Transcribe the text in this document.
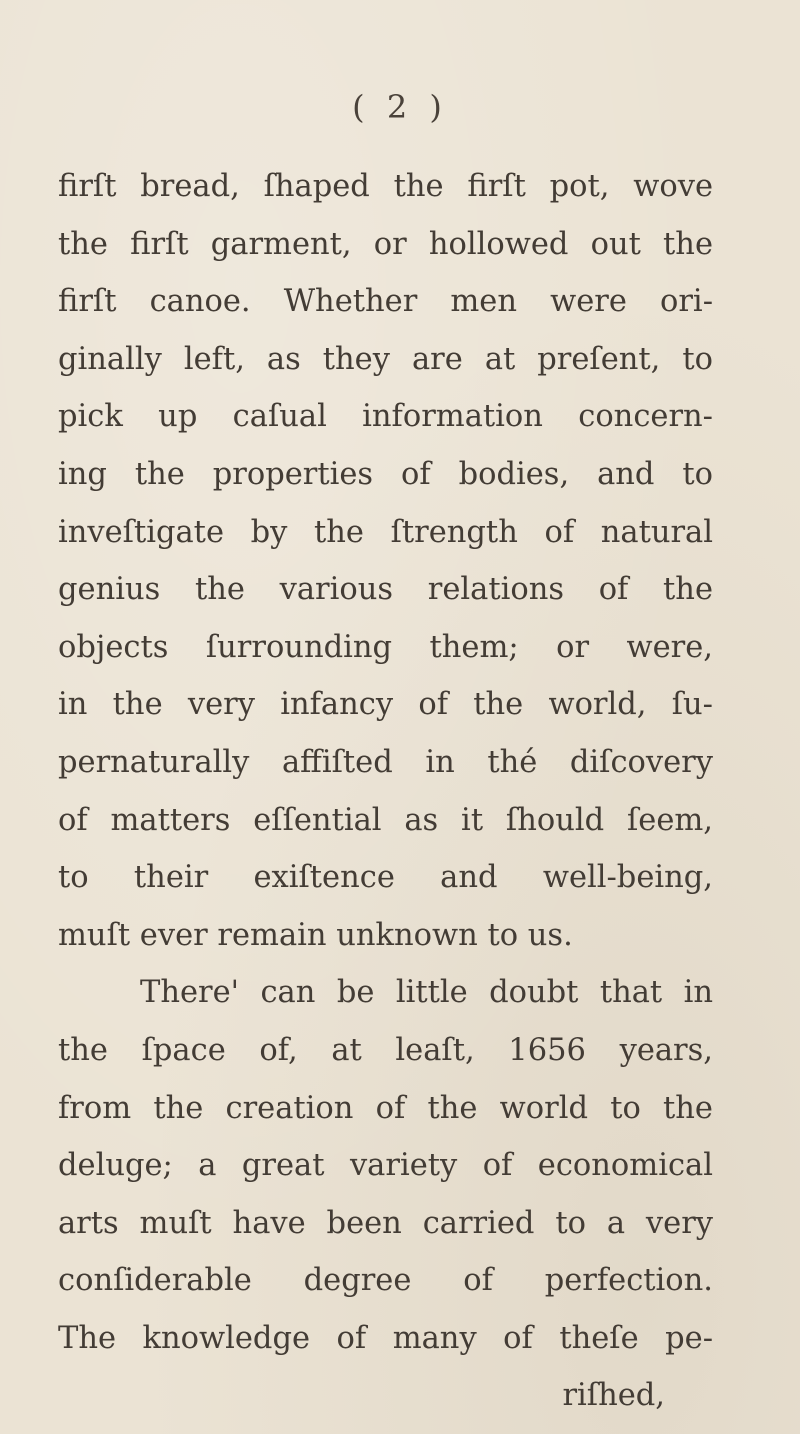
( 2 )
firſt bread, ſhaped the firſt pot, wove
the firſt garment, or hollowed out the
firſt canoe. Whether men were ori-
ginally left, as they are at preſent, to
pick up caſual information concern-
ing the properties of bodies, and to
inveſtigate by the ſtrength of natural
genius the various relations of the
objects ſurrounding them; or were,
in the very infancy of the world, ſu-
pernaturally affiſted in thé diſcovery
of matters eſſential as it ſhould ſeem,
to their exiſtence and well-being,
muſt ever remain unknown to us.
There' can be little doubt that in
the ſpace of, at leaſt, 1656 years,
from the creation of the world to the
deluge; a great variety of economical
arts muſt have been carried to a very
conſiderable degree of perfection.
The knowledge of many of theſe pe-
riſhed,
